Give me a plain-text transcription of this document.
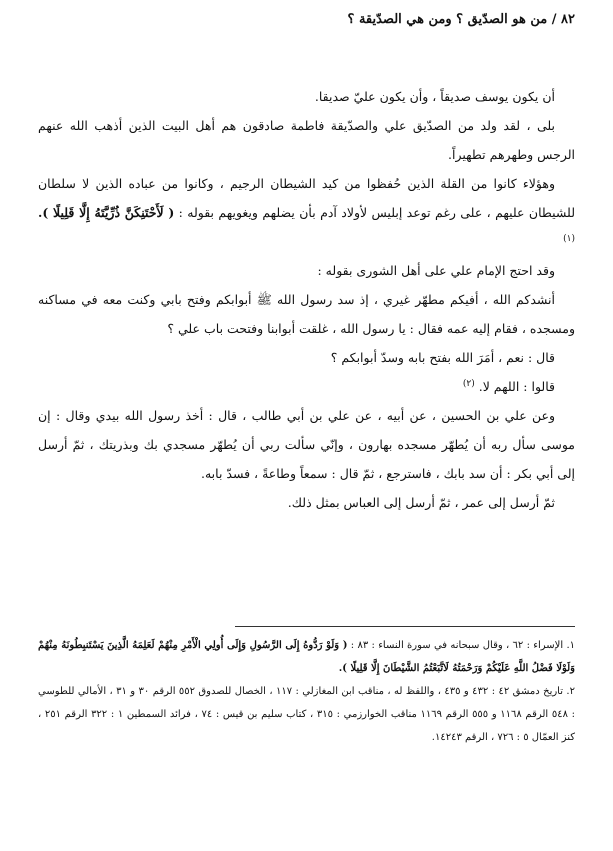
٨٢ / من هو الصدّيق ؟ ومن هي الصدّيقة ؟

أن يكون يوسف صديقاً ، وأن يكون عليّ صديقا.

بلى ، لقد ولد من الصدّيق علي والصدّيقة فاطمة صادقون هم أهل البيت الذين أذهب الله عنهم الرجس وطهرهم تطهيراً.

وهؤلاء كانوا من القلة الذين حُفظوا من كيد الشيطان الرجيم ، وكانوا من عباده الذين لا سلطان للشيطان عليهم ، على رغم توعد إبليس لأولاد آدم بأن يضلهم ويغويهم بقوله : ( لَأَحْتَنِكَنَّ ذُرِّيَّتَهُ إِلَّا قَلِيلًا ). $^{(١)}$

وقد احتج الإمام علي على أهل الشورى بقوله :

أنشدكم الله ، أفيكم مطهّر غيري ، إذ سد رسول الله ﷺ أبوابكم وفتح بابي وكنت معه في مساكنه ومسجده ، فقام إليه عمه فقال : يا رسول الله ، غلقت أبوابنا وفتحت باب علي ؟

قال : نعم ، أمَرَ الله بفتح بابه وسدّ أبوابكم ؟

قالوا : اللهم لا. $^{(٢)}$

وعن علي بن الحسين ، عن أبيه ، عن علي بن أبي طالب ، قال : أخذ رسول الله بيدي وقال : إن موسى سأل ربه أن يُطهّر مسجده بهارون ، وإنّي سألت ربي أن يُطهّر مسجدي بك وبذريتك ، ثمّ أرسل إلى أبي بكر : أن سد بابك ، فاسترجع ، ثمّ قال : سمعاً وطاعةً ، فسدّ بابه.

ثمّ أرسل إلى عمر ، ثمّ أرسل إلى العباس بمثل ذلك.

١. الإسراء : ٦٢ ، وقال سبحانه في سورة النساء : ٨٣ : ( وَلَوْ رَدُّوهُ إِلَى الرَّسُولِ وَإِلَى أُولِي الْأَمْرِ مِنْهُمْ لَعَلِمَهُ الَّذِينَ يَسْتَنبِطُونَهُ مِنْهُمْ وَلَوْلَا فَضْلُ اللَّهِ عَلَيْكُمْ وَرَحْمَتُهُ لَاتَّبَعْتُمُ الشَّيْطَانَ إِلَّا قَلِيلًا ).

٢. تاريخ دمشق ٤٢ : ٤٣٢ و ٤٣٥ ، واللفظ له ، مناقب ابن المغازلي : ١١٧ ، الخصال للصدوق ٥٥٢ الرقم ٣٠ و ٣١ ، الأمالي للطوسي : ٥٤٨ الرقم ١١٦٨ و ٥٥٥ الرقم ١١٦٩ مناقب الخوارزمي : ٣١٥ ، كتاب سليم بن قيس : ٧٤ ، فرائد السمطين ١ : ٣٢٢ الرقم ٢٥١ ، كنز العمّال ٥ : ٧٢٦ ، الرقم ١٤٢٤٣.
